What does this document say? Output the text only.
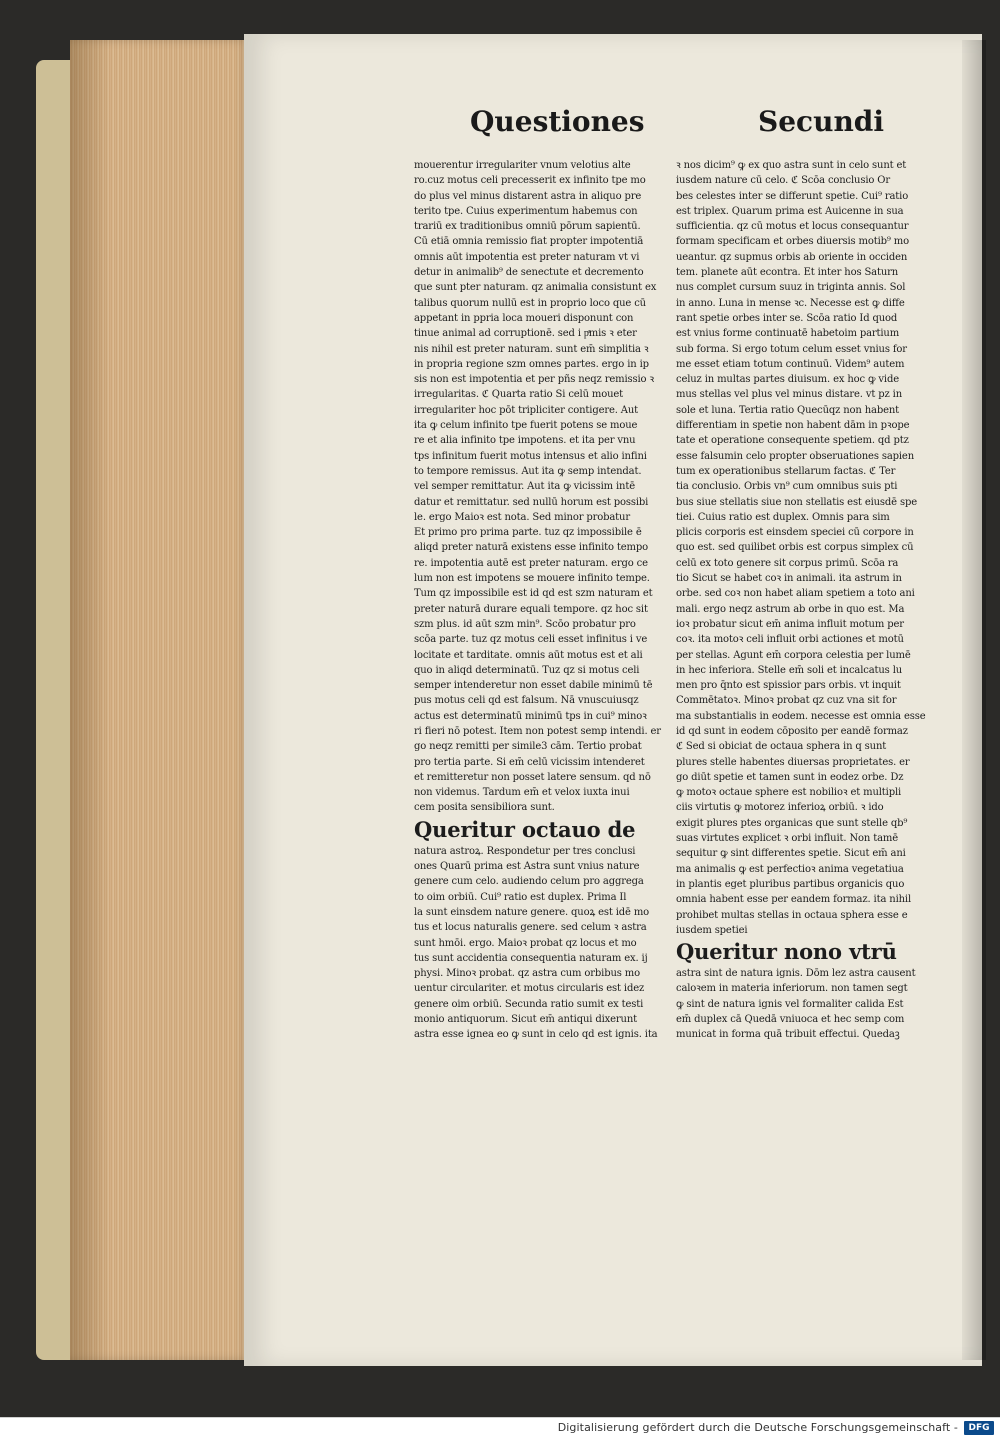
Questiones	Secundi
mouerentur irregulariter vnum velotius alte
ro.cuz motus celi precesserit ex infinito tpe mo
do plus vel minus distarent astra in aliquo pre
terito tpe. Cuius experimentum habemus con
trariū ex traditionibus omniū pōrum sapientū.
Cū etiā omnia remissio fiat propter impotentiā
omnis aūt impotentia est preter naturam vt vi
detur in animalib⁹ de senectute et decremento
que sunt pter naturam. qz animalia consistunt ex
talibus quorum nullū est in proprio loco que cū
appetant in ppria loca moueri disponunt con
tinue animal ad corruptionē. sed i pͣmis ꝛ eter
nis nihil est preter naturam. sunt em̄ simplitia ꝛ
in propria regione szm omnes partes. ergo in ip
sis non est impotentia et per pñs neqz remissio ꝛ
irregularitas. ℭ Quarta ratio Si celū mouet
irregulariter hoc pōt tripliciter contigere. Aut
ita ꝙ celum infinito tpe fuerit potens se moue
re et alia infinito tpe impotens. et ita per vnu
tps infinitum fuerit motus intensus et alio infini
to tempore remissus. Aut ita ꝙ semp intendat.
vel semper remittatur. Aut ita ꝙ vicissim intē
datur et remittatur. sed nullū horum est possibi
le. ergo Maioꝛ est nota. Sed minor probatur
Et primo pro prima parte. tuz qz impossibile ē
aliqd preter naturā existens esse infinito tempo
re. impotentia autē est preter naturam. ergo ce
lum non est impotens se mouere infinito tempe.
Tum qz impossibile est id qd est szm naturam et
preter naturā durare equali tempore. qz hoc sit
szm plus. id aūt szm min⁹. Scōo probatur pro
scōa parte. tuz qz motus celi esset infinitus i ve
locitate et tarditate. omnis aūt motus est et ali
quo in aliqd determinatū. Tuz qz si motus celi
semper intenderetur non esset dabile minimū tē
pus motus celi qd est falsum. Nā vnuscuiusqz
actus est determinatū minimū tps in cui⁹ minoꝛ
ri fieri nō potest. Item non potest semp intendi. er
go neqz remitti per simile3 cām. Tertio probat
pro tertia parte. Si em̄ celū vicissim intenderet
et remitteretur non posset latere sensum. qd nō
non videmus. Tardum em̄ et velox iuxta inui
cem posita sensibiliora sunt.
Queritur octauo de
natura astroꝝ. Respondetur per tres conclusi
ones Quarū prima est Astra sunt vnius nature
genere cum celo. audiendo celum pro aggrega
to oim orbiū. Cui⁹ ratio est duplex. Prima Il
la sunt einsdem nature genere. quoꝝ est idē mo
tus et locus naturalis genere. sed celum ꝛ astra
sunt hmōi. ergo. Maioꝛ probat qz locus et mo
tus sunt accidentia consequentia naturam ex. ij
physi. Minoꝛ probat. qz astra cum orbibus mo
uentur circulariter. et motus circularis est idez
genere oim orbiū. Secunda ratio sumit ex testi
monio antiquorum. Sicut em̄ antiqui dixerunt
astra esse ignea eo ꝙ sunt in celo qd est ignis. ita
ꝛ nos dicim⁹ ꝙ ex quo astra sunt in celo sunt et
iusdem nature cū celo. ℭ Scōa conclusio Or
bes celestes inter se differunt spetie. Cui⁹ ratio
est triplex. Quarum prima est Auicenne in sua
sufficientia. qz cū motus et locus consequantur
formam specificam et orbes diuersis motib⁹ mo
ueantur. qz supmus orbis ab oriente in occiden
tem. planete aūt econtra. Et inter hos Saturn
nus complet cursum suuz in triginta annis. Sol
in anno. Luna in mense ꝛc. Necesse est ꝙ diffe
rant spetie orbes inter se. Scōa ratio Id quod
est vnius forme continuatē habetoim partium
sub forma. Si ergo totum celum esset vnius for
me esset etiam totum continuū. Videm⁹ autem
celuz in multas partes diuisum. ex hoc ꝙ vide
mus stellas vel plus vel minus distare. vt pz in
sole et luna. Tertia ratio Quecūqz non habent
differentiam in spetie non habent dām in pꝛope
tate et operatione consequente spetiem. qd ptz
esse falsumin celo propter obseruationes sapien
tum ex operationibus stellarum factas. ℭ Ter
tia conclusio. Orbis vn⁹ cum omnibus suis pti
bus siue stellatis siue non stellatis est eiusdē spe
tiei. Cuius ratio est duplex. Omnis para sim
plicis corporis est einsdem speciei cū corpore in
quo est. sed quilibet orbis est corpus simplex cū
celū ex toto genere sit corpus primū. Scōa ra
tio Sicut se habet coꝛ in animali. ita astrum in
orbe. sed coꝛ non habet aliam spetiem a toto ani
mali. ergo neqz astrum ab orbe in quo est. Ma
ioꝛ probatur sicut em̄ anima influit motum per
coꝛ. ita motoꝛ celi influit orbi actiones et motū
per stellas. Agunt em̄ corpora celestia per lumē
in hec inferiora. Stelle em̄ soli et incalcatus lu
men pro q̄nto est spissior pars orbis. vt inquit
Commētatoꝛ. Minoꝛ probat qz cuz vna sit for
ma substantialis in eodem. necesse est omnia esse
id qd sunt in eodem cōposito per eandē formaz
ℭ Sed si obiciat de octaua sphera in q sunt
plures stelle habentes diuersas proprietates. er
go diūt spetie et tamen sunt in eodez orbe. Dz
ꝙ motoꝛ octaue sphere est nobilioꝛ et multipli
ciis virtutis ꝙ motorez inferioꝝ orbiū. ꝛ ido
exigit plures ptes organicas que sunt stelle qb⁹
suas virtutes explicet ꝛ orbi influit. Non tamē
sequitur ꝙ sint differentes spetie. Sicut em̄ ani
ma animalis ꝙ est perfectioꝛ anima vegetatiua
in plantis eget pluribus partibus organicis quo
omnia habent esse per eandem formaz. ita nihil
prohibet multas stellas in octaua sphera esse e
iusdem spetiei
Queritur nono vtrū
astra sint de natura ignis. Dōm lez astra causent
caloꝛem in materia inferiorum. non tamen segt
ꝙ sint de natura ignis vel formaliter calida Est
em̄ duplex cā Quedā vniuoca et hec semp com
municat in forma quā tribuit effectui. Quedaꝫ
Digitalisierung gefördert durch die Deutsche Forschungsgemeinschaft -	DFG
